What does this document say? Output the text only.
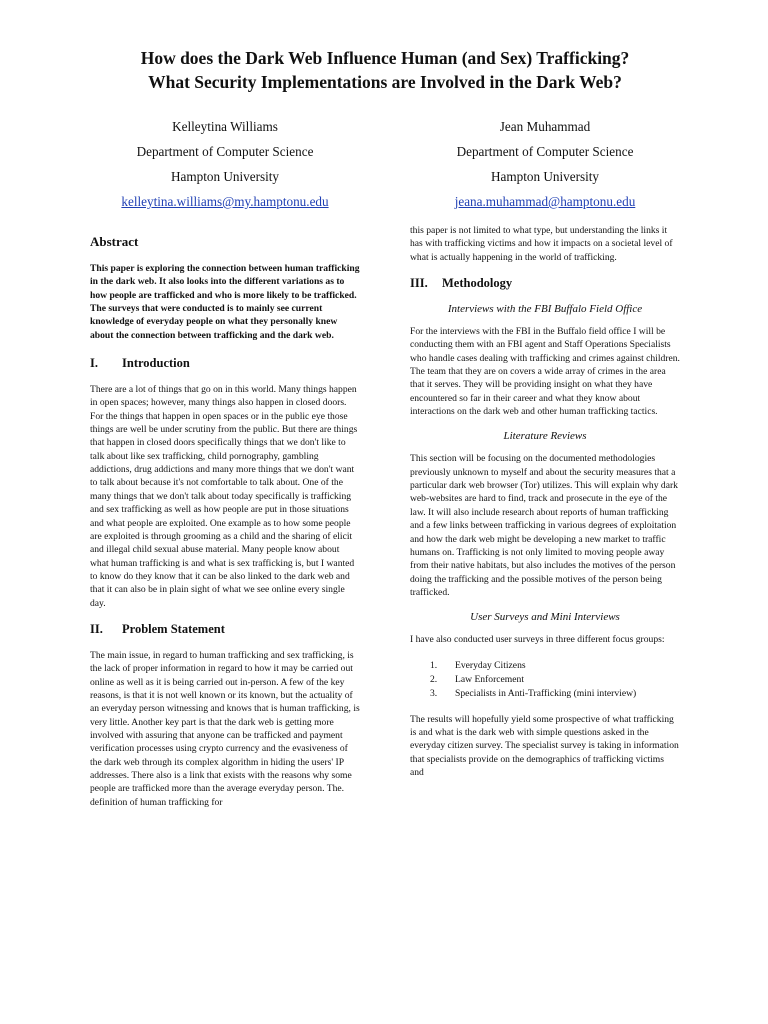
How does the Dark Web Influence Human (and Sex) Trafficking?
What Security Implementations are Involved in the Dark Web?
Kelleytina Williams
Department of Computer Science
Hampton University
kelleytina.williams@my.hamptonu.edu
Jean Muhammad
Department of Computer Science
Hampton University
jeana.muhammad@hamptonu.edu
Abstract

This paper is exploring the connection between human trafficking in the dark web. It also looks into the different variations as to how people are trafficked and who is more likely to be trafficked. The surveys that were conducted is to mainly see current knowledge of everyday people on what they personally knew about the connection between trafficking and the dark web.

I.	Introduction

There are a lot of things that go on in this world. Many things happen in open spaces; however, many things also happen in closed doors. For the things that happen in open spaces or in the public eye those things are well be under scrutiny from the public. But there are things that happen in closed doors specifically things that we don't like to talk about like sex trafficking, child pornography, gambling addictions, drug addictions and many more things that we don't want to talk about because it's not comfortable to talk about. One of the many things that we don't talk about today specifically is trafficking and sex trafficking as well as how people are put in those situations and what people are exploited. One example as to how some people are exploited is through grooming as a child and the sharing of elicit and illegal child sexual abuse material. Many people know about what human trafficking is and what is sex trafficking is, but I wanted to know do they know that it can be also linked to the dark web and that it can also be in plain sight of what we see online every single day.

II.	Problem Statement

The main issue, in regard to human trafficking and sex trafficking, is the lack of proper information in regard to how it may be carried out online as well as it is being carried out in-person. A few of the key reasons, is that it is not well known or its known, but the actuality of an everyday person witnessing and knows that is human trafficking, is very little. Another key part is that the dark web is getting more involved with assuring that anyone can be trafficked and payment verification processes using crypto currency and the evasiveness of the dark web through its complex algorithm in hiding the users' IP addresses. There also is a link that exists with the reasons why some people are trafficked more than the average everyday person. The. definition of human trafficking for

this paper is not limited to what type, but understanding the links it has with trafficking victims and how it impacts on a societal level of what is actually happening in the world of trafficking.

III.	Methodology
Interviews with the FBI Buffalo Field Office

For the interviews with the FBI in the Buffalo field office I will be conducting them with an FBI agent and Staff Operations Specialists who handle cases dealing with trafficking and crimes against children. The team that they are on covers a wide array of crimes in the area that it serves. They will be providing insight on what they have encountered so far in their career and what they know about interactions on the dark web and other human trafficking tactics.

Literature Reviews

This section will be focusing on the documented methodologies previously unknown to myself and about the security measures that a particular dark web browser (Tor) utilizes. This will explain why dark web-websites are hard to find, track and prosecute in the eye of the law. It will also include research about reports of human trafficking and a few links between trafficking in various degrees of exploitation and how the dark web might be developing a new market to traffic humans on. Trafficking is not only limited to moving people away from their native habitats, but also includes the motives of the person doing the trafficking and the possible motives of the person being trafficked.

User Surveys and Mini Interviews

I have also conducted user surveys in three different focus groups:

1.	Everyday Citizens
2.	Law Enforcement
3.	Specialists in Anti-Trafficking (mini interview)

The results will hopefully yield some prospective of what trafficking is and what is the dark web with simple questions asked in the everyday citizen survey. The specialist survey is taking in information that specialists provide on the demographics of trafficking victims and
